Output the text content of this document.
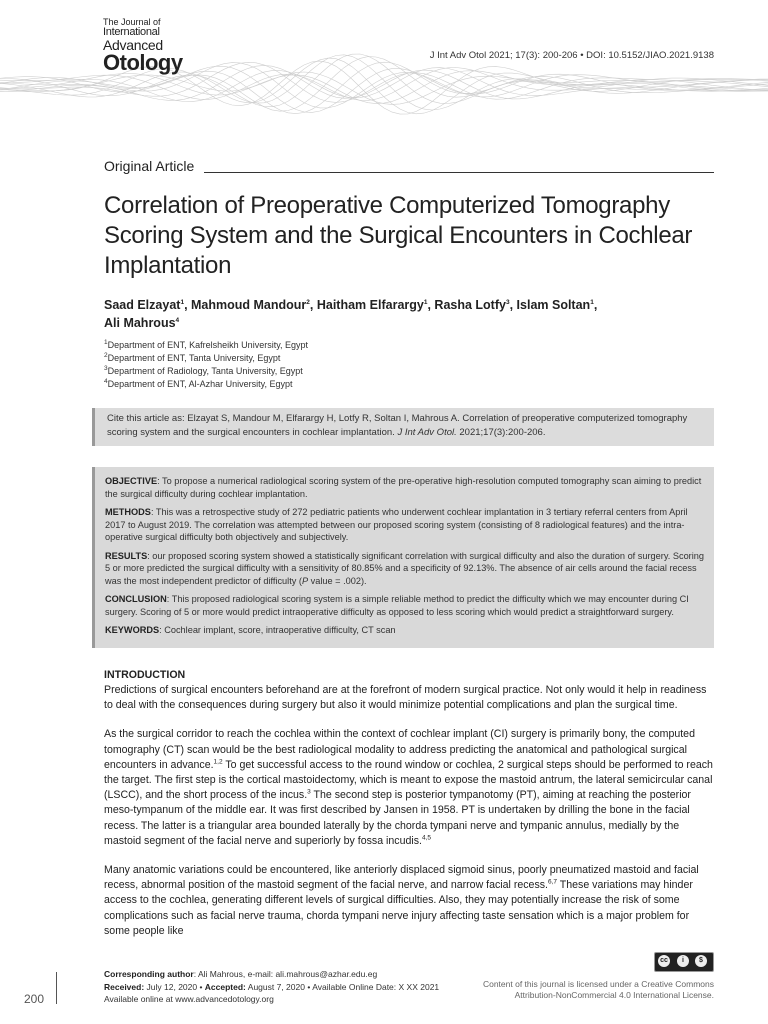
The Journal of
International
Advanced
Otology	J Int Adv Otol 2021; 17(3): 200-206 • DOI: 10.5152/JIAO.2021.9138
Original Article
Correlation of Preoperative Computerized Tomography Scoring System and the Surgical Encounters in Cochlear Implantation
Saad Elzayat$^1$, Mahmoud Mandour$^2$, Haitham Elfarargy$^1$, Rasha Lotfy$^3$, Islam Soltan$^1$,
Ali Mahrous$^4$
$^1$Department of ENT, Kafrelsheikh University, Egypt
$^2$Department of ENT, Tanta University, Egypt
$^3$Department of Radiology, Tanta University, Egypt
$^4$Department of ENT, Al-Azhar University, Egypt
Cite this article as: Elzayat S, Mandour M, Elfarargy H, Lotfy R, Soltan I, Mahrous A. Correlation of preoperative computerized tomography scoring system and the surgical encounters in cochlear implantation. J Int Adv Otol. 2021;17(3):200-206.

OBJECTIVE: To propose a numerical radiological scoring system of the pre-operative high-resolution computed tomography scan aiming to predict the surgical difficulty during cochlear implantation.

METHODS: This was a retrospective study of 272 pediatric patients who underwent cochlear implantation in 3 tertiary referral centers from April 2017 to August 2019. The correlation was attempted between our proposed scoring system (consisting of 8 radiological features) and the intra-operative surgical difficulty both objectively and subjectively.

RESULTS: our proposed scoring system showed a statistically significant correlation with surgical difficulty and also the duration of surgery. Scoring 5 or more predicted the surgical difficulty with a sensitivity of 80.85% and a specificity of 92.13%. The absence of air cells around the facial recess was the most independent predictor of difficulty (P value = .002).

CONCLUSION: This proposed radiological scoring system is a simple reliable method to predict the difficulty which we may encounter during CI surgery. Scoring of 5 or more would predict intraoperative difficulty as opposed to less scoring which would predict a straightforward surgery.

KEYWORDS: Cochlear implant, score, intraoperative difficulty, CT scan

INTRODUCTION

Predictions of surgical encounters beforehand are at the forefront of modern surgical practice. Not only would it help in readiness to deal with the consequences during surgery but also it would minimize potential complications and plan the surgical time.

As the surgical corridor to reach the cochlea within the context of cochlear implant (CI) surgery is primarily bony, the computed tomography (CT) scan would be the best radiological modality to address predicting the anatomical and pathological surgical encounters in advance.$^{1,2}$ To get successful access to the round window or cochlea, 2 surgical steps should be performed to reach the target. The first step is the cortical mastoidectomy, which is meant to expose the mastoid antrum, the lateral semicircular canal (LSCC), and the short process of the incus.$^3$ The second step is posterior tympanotomy (PT), aiming at reaching the posterior meso-tympanum of the middle ear. It was first described by Jansen in 1958. PT is undertaken by drilling the bone in the facial recess. The latter is a triangular area bounded laterally by the chorda tympani nerve and tympanic annulus, medially by the mastoid segment of the facial nerve and superiorly by fossa incudis.$^{4,5}$

Many anatomic variations could be encountered, like anteriorly displaced sigmoid sinus, poorly pneumatized mastoid and facial recess, abnormal position of the mastoid segment of the facial nerve, and narrow facial recess.$^{6,7}$ These variations may hinder access to the cochlea, generating different levels of surgical difficulties. Also, they may potentially increase the risk of some complications such as facial nerve trauma, chorda tympani nerve injury affecting taste sensation which is a major problem for some people like

200
Corresponding author: Ali Mahrous, e-mail: ali.mahrous@azhar.edu.eg
Received: July 12, 2020 • Accepted: August 7, 2020 • Available Online Date: X XX 2021
Available online at www.advancedotology.org
cc	i	$
Content of this journal is licensed under a Creative Commons Attribution-NonCommercial 4.0 International License.
